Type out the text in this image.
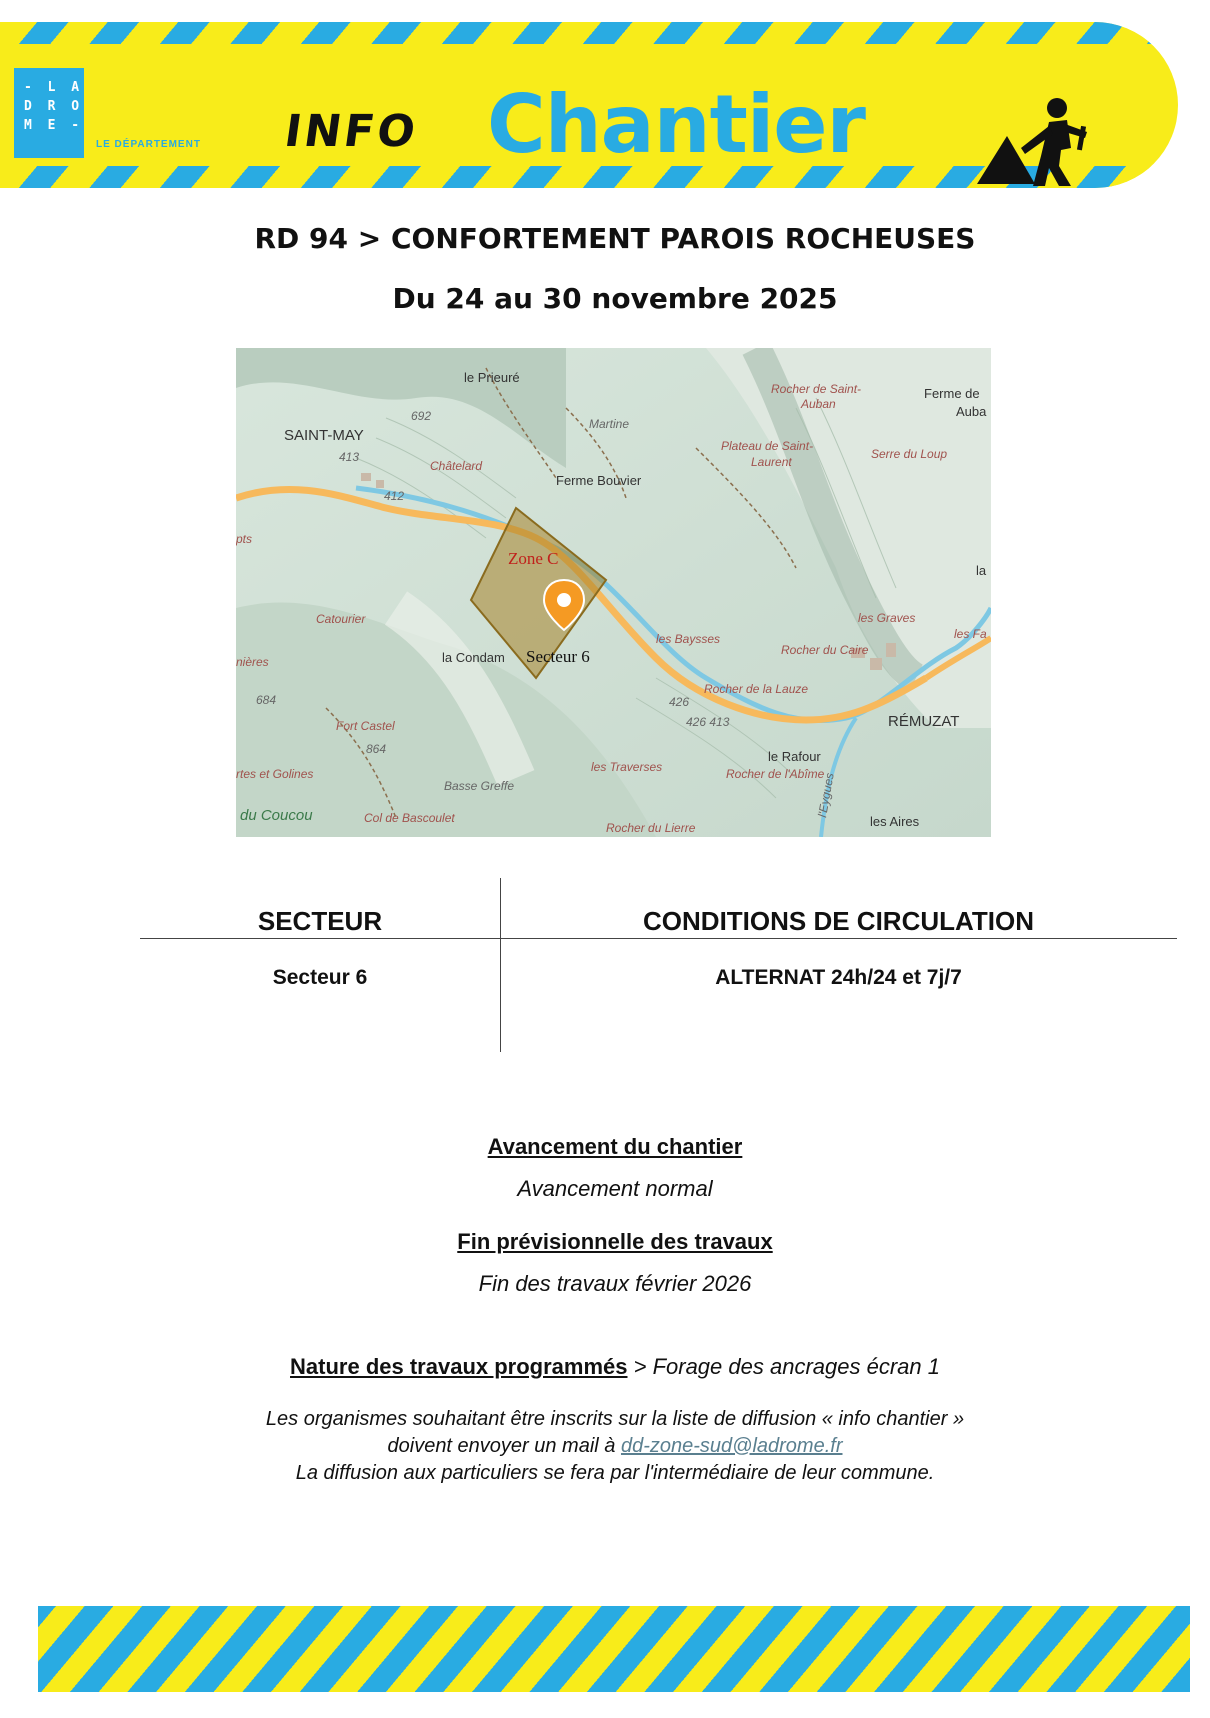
- L A
D R O
M E -
LE DÉPARTEMENT INFO Chantier
RD 94 > CONFORTEMENT PAROIS ROCHEUSES
Du 24 au 30 novembre 2025
le Prieuré
692
SAINT-MAY
413
412
Châtelard
Martine
Ferme Bouvier
Rocher de Saint-
Auban
Plateau de Saint-
Laurent
Serre du Loup
Ferme de
Auba
pts
Zone C
Catourier
la Condam Secteur 6
les Baysses
Rocher du Caire
Rocher de la Lauze
les Graves
les Fa
la
nières
684
Fort Castel
864
426
426 413	RÉMUZAT
rtes et Golines
Basse Greffe
les Traverses
le Rafour
Rocher de l'Abîme
du Coucou	Col de Bascoulet
Rocher du Lierre
l'Eygues
les Aires
SECTEUR	CONDITIONS DE CIRCULATION
Secteur 6	ALTERNAT 24h/24 et 7j/7
Avancement du chantier
Avancement normal
Fin prévisionnelle des travaux
Fin des travaux février 2026
Nature des travaux programmés > Forage des ancrages écran 1
Les organismes souhaitant être inscrits sur la liste de diffusion « info chantier »
doivent envoyer un mail à dd-zone-sud@ladrome.fr
La diffusion aux particuliers se fera par l'intermédiaire de leur commune.
